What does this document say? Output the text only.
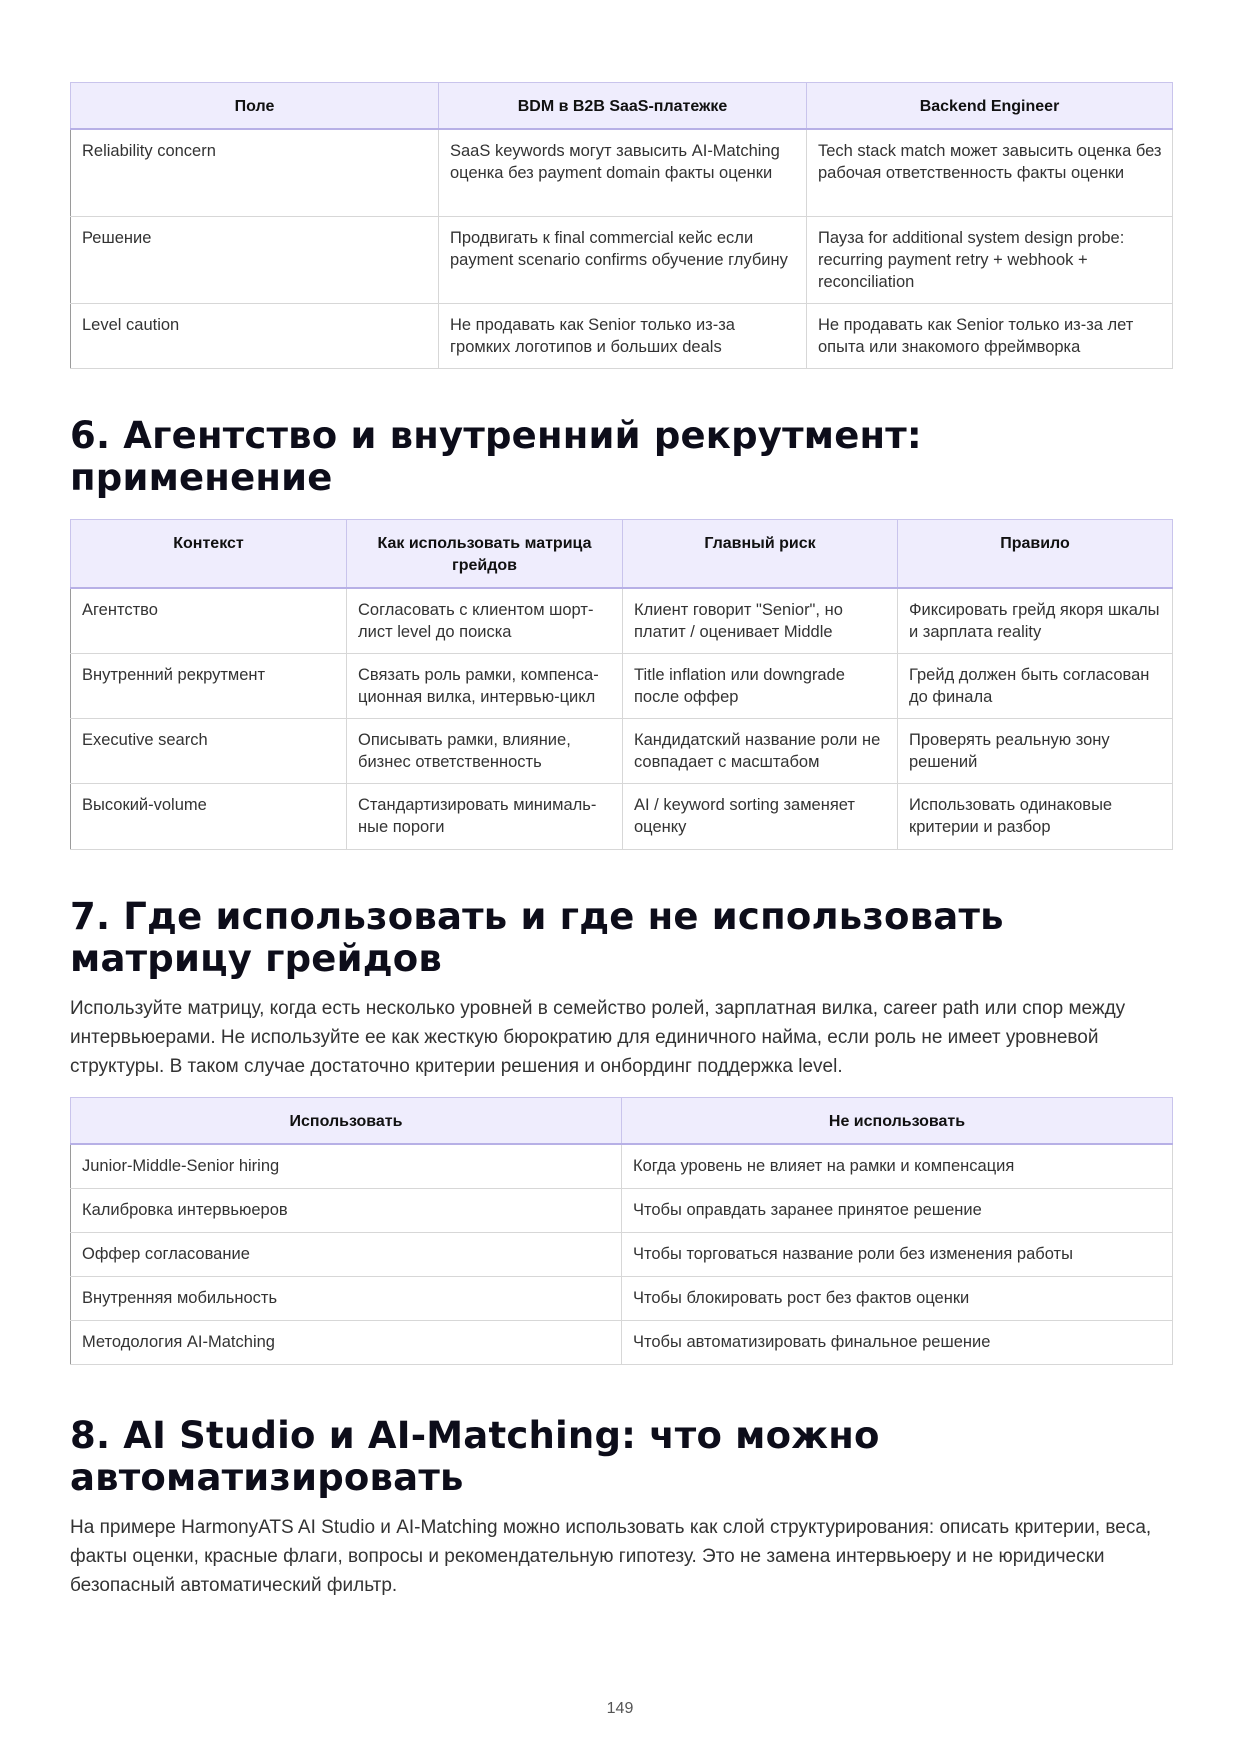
Поле	BDM в B2B SaaS-платежке	Backend Engineer
Reliability concern	SaaS keywords могут завысить AI-Matching оценка без payment domain факты оценки	Tech stack match может завысить оценка без рабочая ответственность факты оценки
Решение	Продвигать к final commercial кейс если payment scenario confirms обучение глубину	Пауза for additional system design probe: recurring payment retry + webhook + reconciliation
Level caution	Не продавать как Senior только из-за громких логотипов и больших deals	Не продавать как Senior только из-за лет опыта или знакомого фреймворка
6. Агентство и внутренний рекрутмент: применение
Контекст	Как использовать матрица грейдов	Главный риск	Правило
Агентство	Согласовать с клиентом шортлист level до поиска	Клиент говорит "Senior", но платит / оценивает Middle	Фиксировать грейд якоря шкалы и зарплата reality
Внутренний рекрутмент	Связать роль рамки, компенсационная вилка, интервью-цикл	Title inflation или downgrade после оффер	Грейд должен быть согласован до финала
Executive search	Описывать рамки, влияние, бизнес ответственность	Кандидатский название роли не совпадает с масштабом	Проверять реальную зону решений
Высокий-volume	Стандартизировать минимальные пороги	AI / keyword sorting заменяет оценку	Использовать одинаковые критерии и разбор
7. Где использовать и где не использовать матрицу грейдов

Используйте матрицу, когда есть несколько уровней в семейство ролей, зарплатная вилка, career path или спор между интервьюерами. Не используйте ее как жесткую бюрократию для единичного найма, если роль не имеет уровневой структуры. В таком случае достаточно критерии решения и онбординг поддержка level.

Использовать	Не использовать
Junior-Middle-Senior hiring	Когда уровень не влияет на рамки и компенсация
Калибровка интервьюеров	Чтобы оправдать заранее принятое решение
Оффер согласование	Чтобы торговаться название роли без изменения работы
Внутренняя мобильность	Чтобы блокировать рост без фактов оценки
Методология AI-Matching	Чтобы автоматизировать финальное решение
8. AI Studio и AI-Matching: что можно автоматизировать

На примере HarmonyATS AI Studio и AI-Matching можно использовать как слой структурирования: описать критерии, веса, факты оценки, красные флаги, вопросы и рекомендательную гипотезу. Это не замена интервьюеру и не юридически безопасный автоматический фильтр.

149
